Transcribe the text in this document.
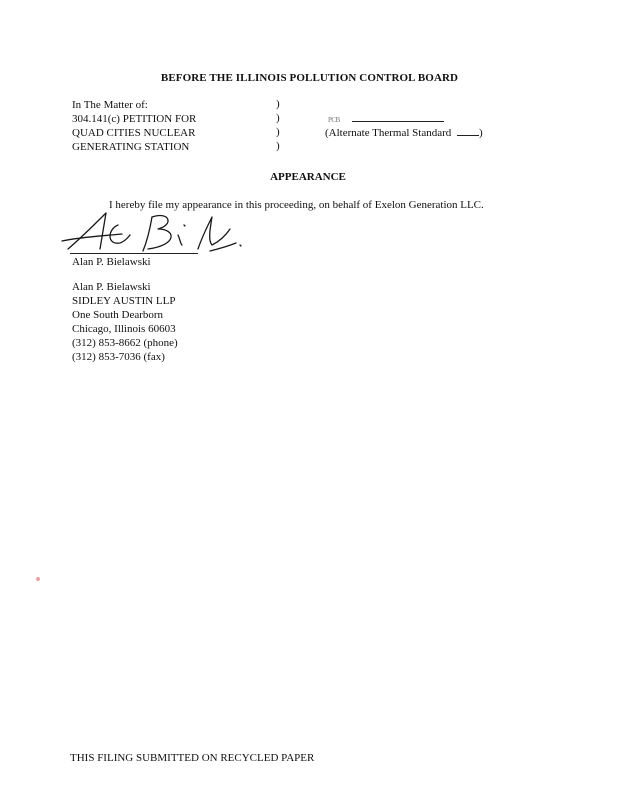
BEFORE THE ILLINOIS POLLUTION CONTROL BOARD
In The Matter of:
304.141(c) PETITION FOR
QUAD CITIES NUCLEAR
GENERATING STATION
)
)
)
)
PCB
(Alternate Thermal Standard	)
APPEARANCE
I hereby file my appearance in this proceeding, on behalf of Exelon Generation LLC.
Alan P. Bielawski
Alan P. Bielawski
SIDLEY AUSTIN LLP
One South Dearborn
Chicago, Illinois 60603
(312) 853-8662 (phone)
(312) 853-7036 (fax)
THIS FILING SUBMITTED ON RECYCLED PAPER
